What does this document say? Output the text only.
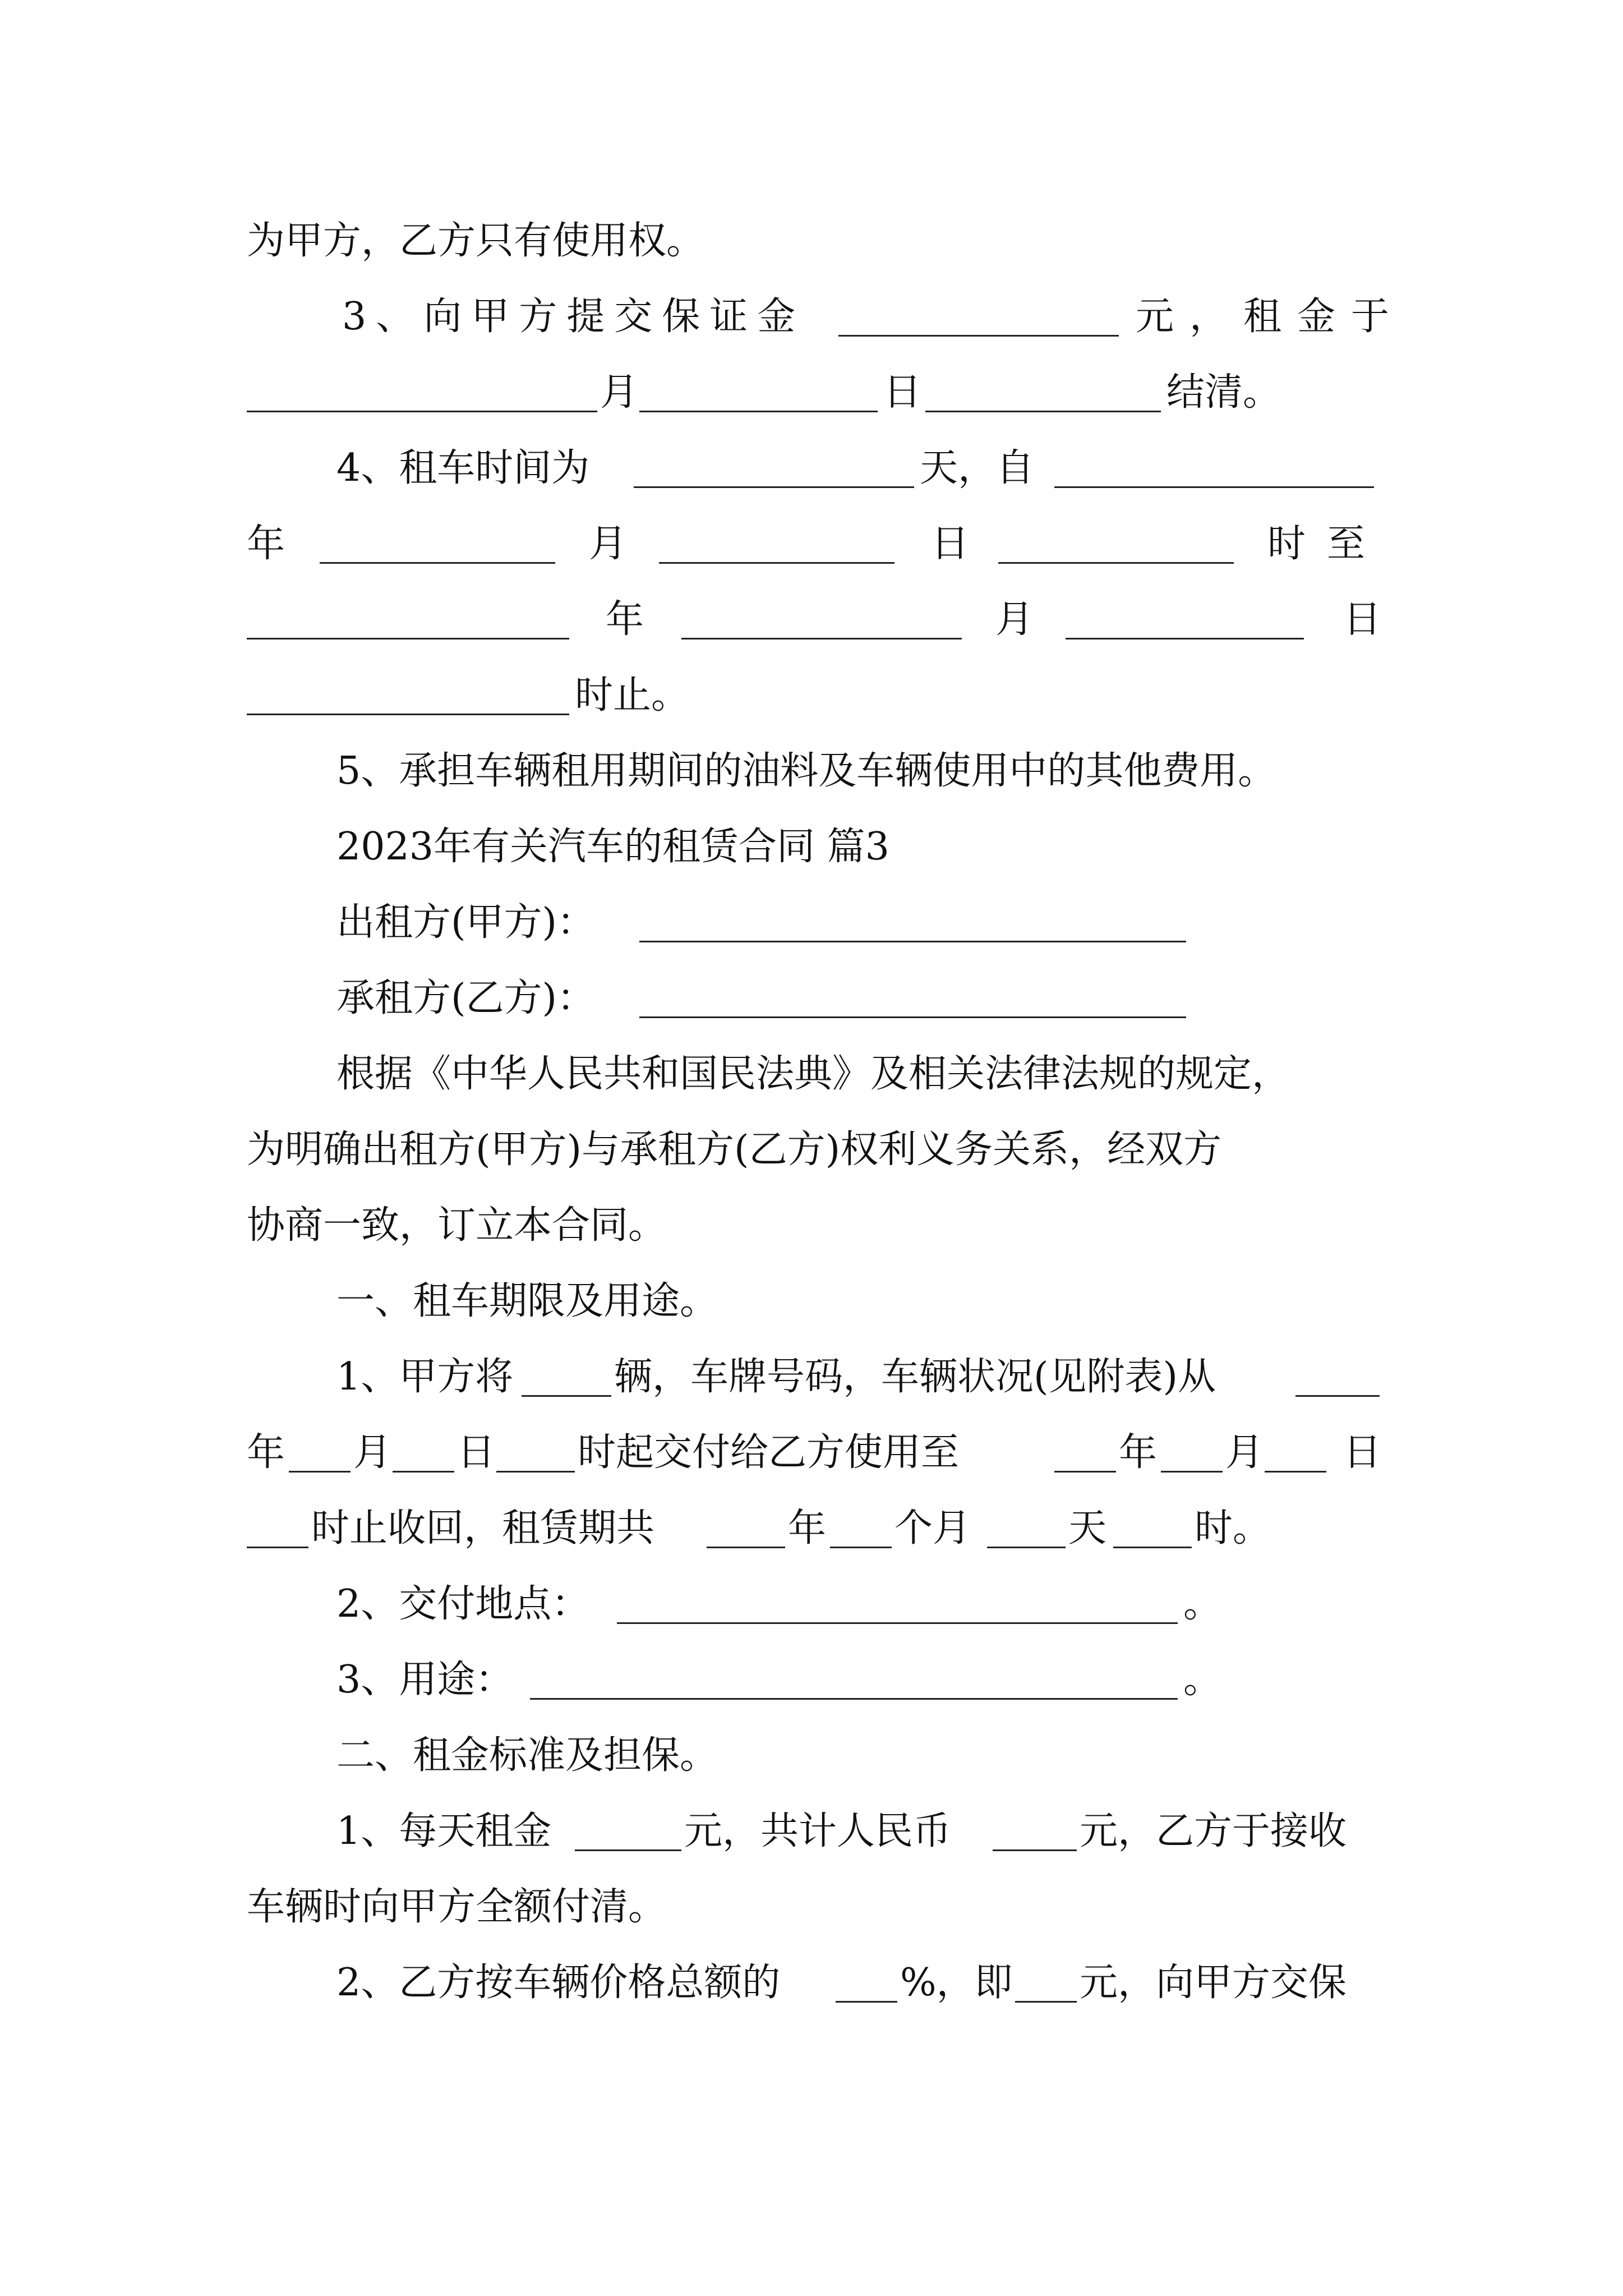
为甲方，乙方只有使用权。
3、向甲方提交保证金	元，租金于
月	日	结清。
4、租车时间为	天，自
年	月	日	时至
年	月	日
时止。
5、承担车辆租用期间的油料及车辆使用中的其他费用。
2023年有关汽车的租赁合同 篇3
出租方(甲方)：
承租方(乙方)：
根据《中华人民共和国民法典》及相关法律法规的规定，
为明确出租方(甲方)与承租方(乙方)权利义务关系，经双方
协商一致，订立本合同。
一、租车期限及用途。
1、甲方将	辆，车牌号码，车辆状况(见附表)从
年 月 日 时起交付给乙方使用至	年 月 日
时止收回，租赁期共	年 个月	天 时。
2、交付地点：	。
3、用途：	。
二、租金标准及担保。
1、每天租金	元，共计人民币	元，乙方于接收
车辆时向甲方全额付清。
2、乙方按车辆价格总额的	%，即 元，向甲方交保
